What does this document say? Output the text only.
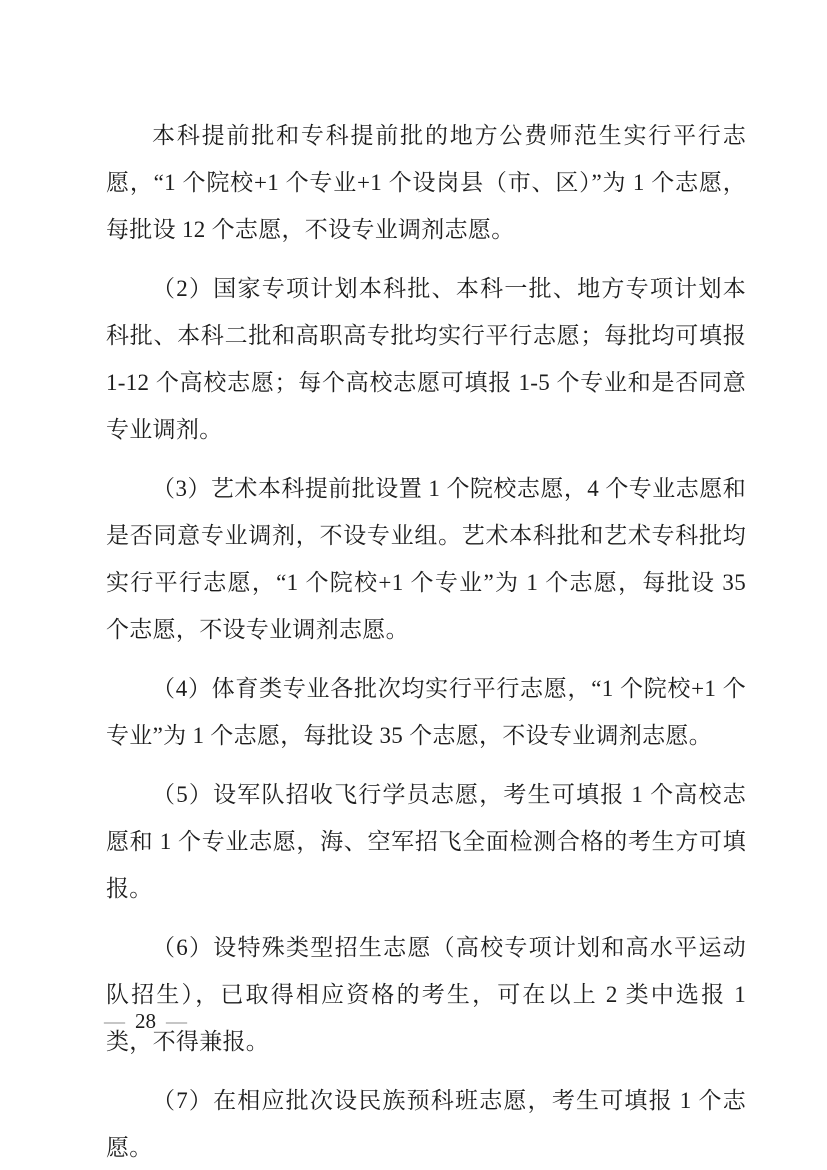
本科提前批和专科提前批的地方公费师范生实行平行志愿，“1 个院校+1 个专业+1 个设岗县（市、区）”为 1 个志愿，每批设 12 个志愿，不设专业调剂志愿。

（2）国家专项计划本科批、本科一批、地方专项计划本科批、本科二批和高职高专批均实行平行志愿；每批均可填报 1-12 个高校志愿；每个高校志愿可填报 1-5 个专业和是否同意专业调剂。

（3）艺术本科提前批设置 1 个院校志愿，4 个专业志愿和是否同意专业调剂，不设专业组。艺术本科批和艺术专科批均实行平行志愿，“1 个院校+1 个专业”为 1 个志愿，每批设 35 个志愿，不设专业调剂志愿。

（4）体育类专业各批次均实行平行志愿，“1 个院校+1 个专业”为 1 个志愿，每批设 35 个志愿，不设专业调剂志愿。

（5）设军队招收飞行学员志愿，考生可填报 1 个高校志愿和 1 个专业志愿，海、空军招飞全面检测合格的考生方可填报。

（6）设特殊类型招生志愿（高校专项计划和高水平运动队招生），已取得相应资格的考生，可在以上 2 类中选报 1 类，不得兼报。

（7）在相应批次设民族预科班志愿，考生可填报 1 个志愿。

— 28 —
